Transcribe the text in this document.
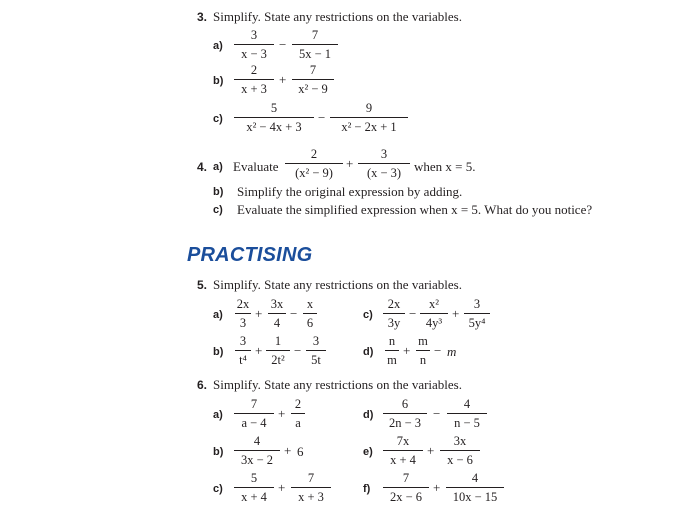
3. Simplify. State any restrictions on the variables.
a)
3
x − 3
−
7
5x − 1
b)
2
x + 3
+
7
x² − 9
c)
5
x² − 4x + 3
−
9
x² − 2x + 1
4. a) Evaluate
2
(x² − 9)
+
3
(x − 3) when x = 5.
b) Simplify the original expression by adding.
c) Evaluate the simplified expression when x = 5. What do you notice?
PRACTISING
5. Simplify. State any restrictions on the variables.
a)
2x
3
+
3x
4
−
x
6
b)
3
t⁴
+
1
2t²
−
3
5t
c)
2x
3y
−
x²
4y³
+
3
5y⁴
d)
n
m
+
m
n
− m
6. Simplify. State any restrictions on the variables.
a)
7
a − 4
+
2
a
b)
4
3x − 2
+ 6
c)
5
x + 4
+
7
x + 3
d)
6
2n − 3
−
4
n − 5
e)
7x
x + 4
+
3x
x − 6
f)
7
2x − 6
+
4
10x − 15
